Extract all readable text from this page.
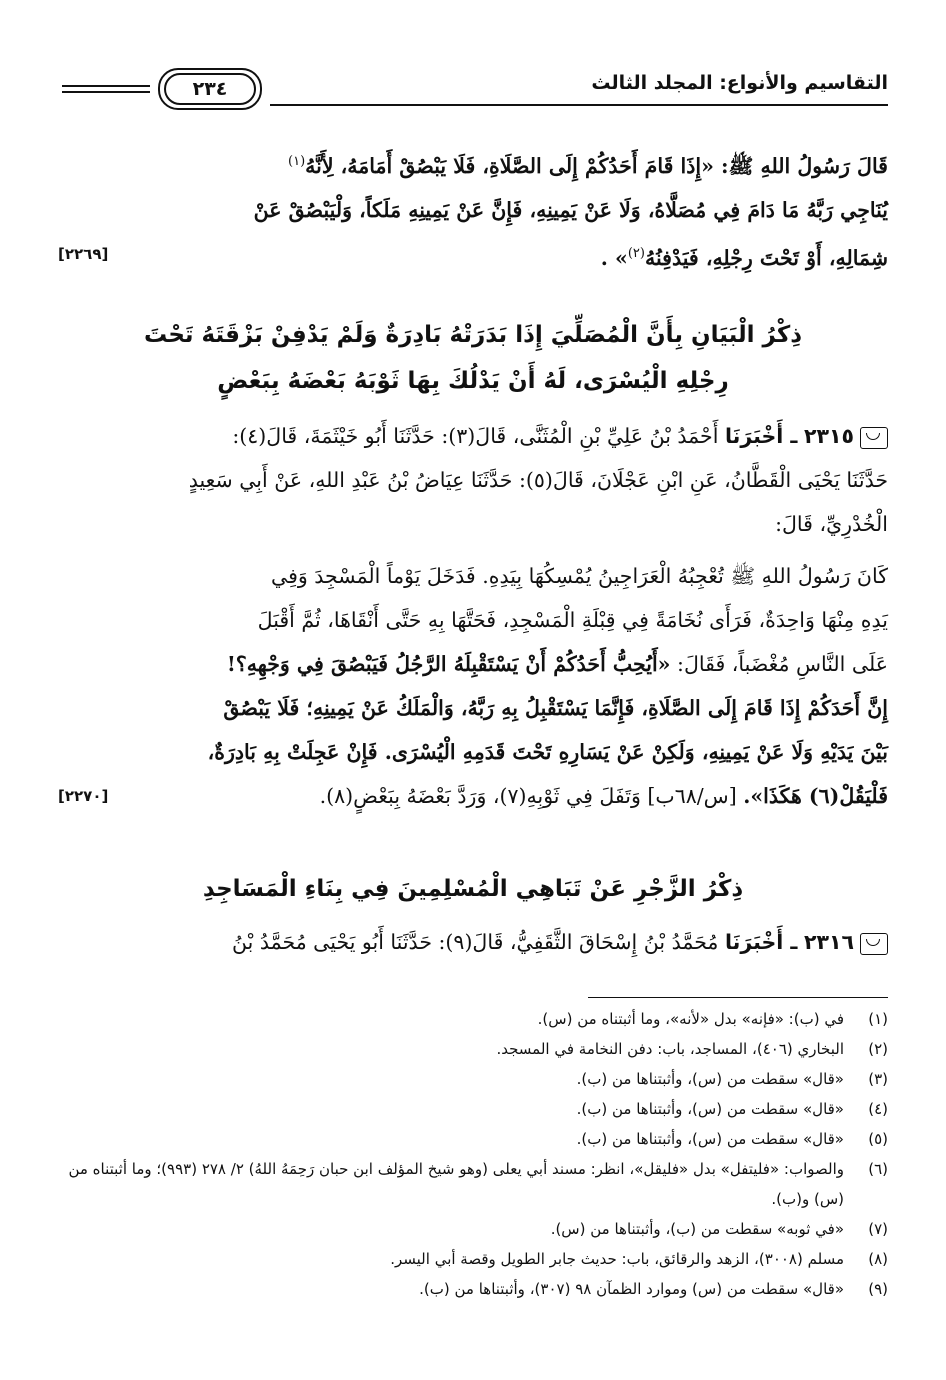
التقاسيم والأنواع: المجلد الثالث
٢٣٤
قَالَ رَسُولُ اللهِ ﷺ: «إِذَا قَامَ أَحَدُكُمْ إِلَى الصَّلَاةِ، فَلَا يَبْصُقْ أَمَامَهُ، لِأَنَّهُ$^{(١)}$
يُنَاجِي رَبَّهُ مَا دَامَ فِي مُصَلَّاهُ، وَلَا عَنْ يَمِينِهِ، فَإِنَّ عَنْ يَمِينِهِ مَلَكاً، وَلْيَبْصُقْ عَنْ
شِمَالِهِ، أَوْ تَحْتَ رِجْلِهِ، فَيَدْفِنُهُ$^{(٢)}$» .
[٢٢٦٩]
ذِكْرُ الْبَيَانِ بِأَنَّ الْمُصَلِّيَ إِذَا بَدَرَتْهُ بَادِرَةٌ وَلَمْ يَدْفِنْ بَزْقَتَهُ تَحْتَ
رِجْلِهِ الْيُسْرَى، لَهُ أَنْ يَدْلُكَ بِهَا ثَوْبَهُ بَعْضَهُ بِبَعْضٍ
٢٣١٥ ـ أَخْبَرَنَا أَحْمَدُ بْنُ عَلِيِّ بْنِ الْمُثَنَّى، قَالَ(٣): حَدَّثَنَا أَبُو خَيْثَمَةَ، قَالَ(٤):
حَدَّثَنَا يَحْيَى الْقَطَّانُ، عَنِ ابْنِ عَجْلَانَ، قَالَ(٥): حَدَّثَنَا عِيَاضُ بْنُ عَبْدِ اللهِ، عَنْ أَبِي سَعِيدٍ
الْخُدْرِيِّ، قَالَ:
كَانَ رَسُولُ اللهِ ﷺ تُعْجِبُهُ الْعَرَاجِينُ يُمْسِكُهَا بِيَدِهِ. فَدَخَلَ يَوْماً الْمَسْجِدَ وَفِي
يَدِهِ مِنْهَا وَاحِدَةٌ، فَرَأَى نُخَامَةً فِي قِبْلَةِ الْمَسْجِدِ، فَحَتَّهَا بِهِ حَتَّى أَنْقَاهَا، ثُمَّ أَقْبَلَ
عَلَى النَّاسِ مُغْضَباً، فَقَالَ: «أَيُحِبُّ أَحَدُكُمْ أَنْ يَسْتَقْبِلَهُ الرَّجُلُ فَيَبْصُقَ فِي وَجْهِهِ؟!
إِنَّ أَحَدَكُمْ إِذَا قَامَ إِلَى الصَّلَاةِ، فَإِنَّمَا يَسْتَقْبِلُ بِهِ رَبَّهُ، وَالْمَلَكُ عَنْ يَمِينِهِ؛ فَلَا يَبْصُقْ
بَيْنَ يَدَيْهِ وَلَا عَنْ يَمِينِهِ، وَلَكِنْ عَنْ يَسَارِهِ تَحْتَ قَدَمِهِ الْيُسْرَى. فَإِنْ عَجِلَتْ بِهِ بَادِرَةٌ،
فَلْيَقُلْ(٦) هَكَذَا». [س/٦٨ب] وَتَفَلَ فِي ثَوْبِهِ(٧)، وَرَدَّ بَعْضَهُ بِبَعْضٍ(٨).
[٢٢٧٠]
ذِكْرُ الزَّجْرِ عَنْ تَبَاهِي الْمُسْلِمِينَ فِي بِنَاءِ الْمَسَاجِدِ
٢٣١٦ ـ أَخْبَرَنَا مُحَمَّدُ بْنُ إِسْحَاقَ الثَّقَفِيُّ، قَالَ(٩): حَدَّثَنَا أَبُو يَحْيَى مُحَمَّدُ بْنُ
(١)
في (ب): «فإنه» بدل «لأنه»، وما أثبتناه من (س).
(٢)
البخاري (٤٠٦)، المساجد، باب: دفن النخامة في المسجد.
(٣)
«قال» سقطت من (س)، وأثبتناها من (ب).
(٤)
«قال» سقطت من (س)، وأثبتناها من (ب).
(٥)
«قال» سقطت من (س)، وأثبتناها من (ب).
(٦)
والصواب: «فليتفل» بدل «فليقل»، انظر: مسند أبي يعلى (وهو شيخ المؤلف ابن حبان رَحِمَهُ اللهُ) ٢/ ٢٧٨ (٩٩٣)؛ وما أثبتناه من (س) و(ب).
(٧)
«في ثوبه» سقطت من (ب)، وأثبتناها من (س).
(٨)
مسلم (٣٠٠٨)، الزهد والرقائق، باب: حديث جابر الطويل وقصة أبي اليسر.
(٩)
«قال» سقطت من (س) وموارد الظمآن ٩٨ (٣٠٧)، وأثبتناها من (ب).
